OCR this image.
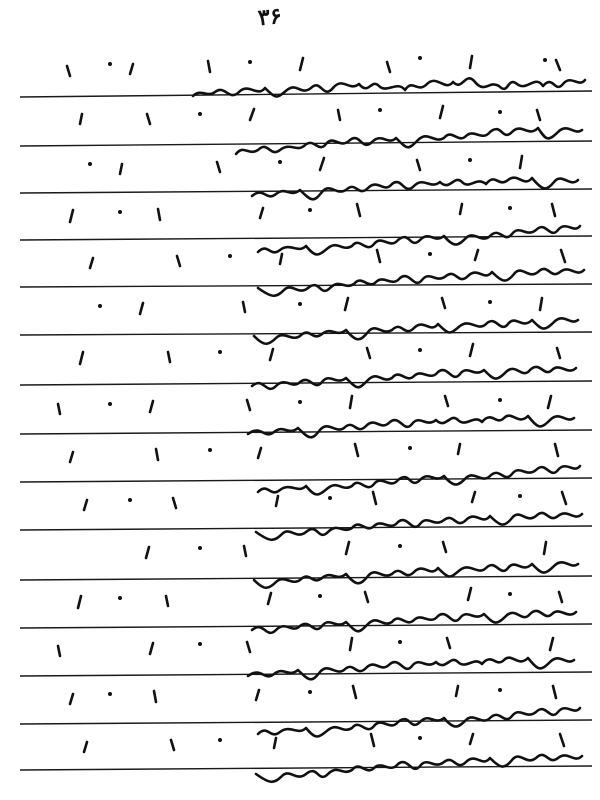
۳۶
